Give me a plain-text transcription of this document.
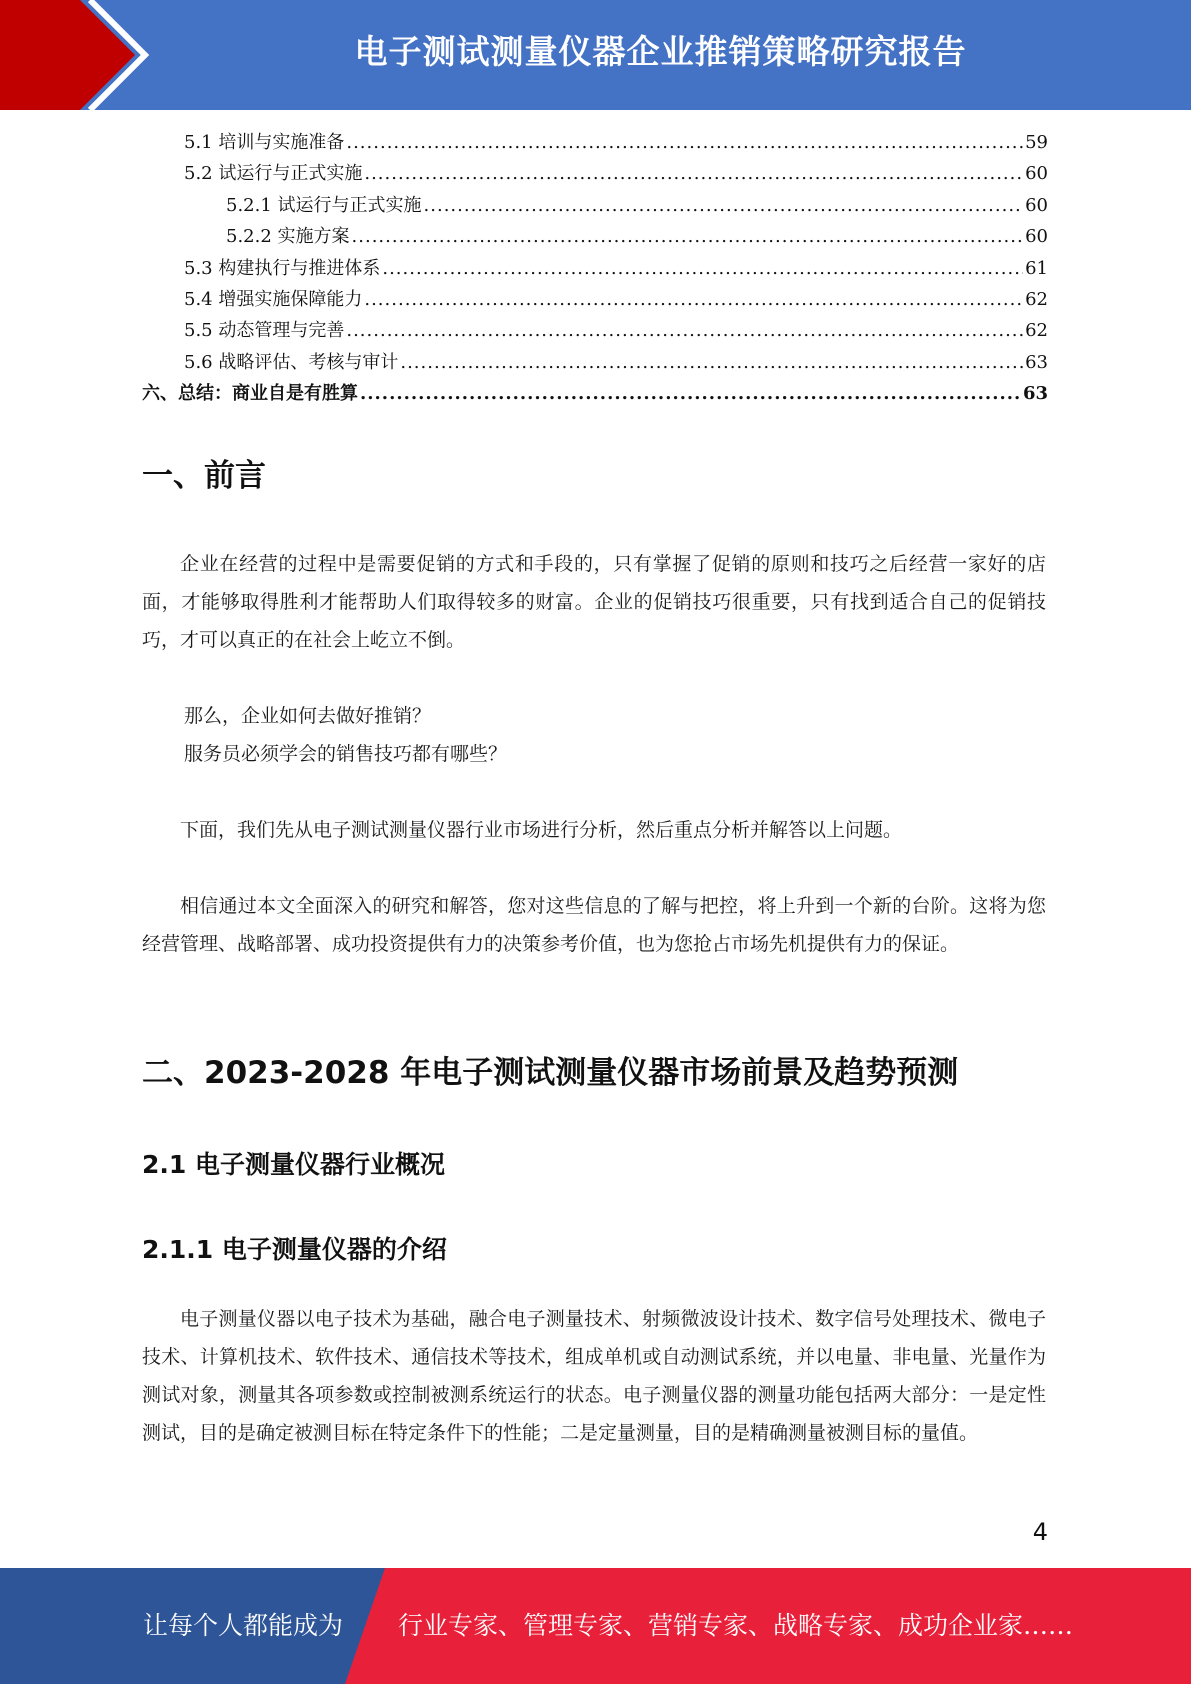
电子测试测量仪器企业推销策略研究报告
5.1 培训与实施准备 .....	59
5.2 试运行与正式实施 .....	60
5.2.1 试运行与正式实施 .....	60
5.2.2 实施方案 .....	60
5.3 构建执行与推进体系 .....	61
5.4 增强实施保障能力 .....	62
5.5 动态管理与完善 .....	62
5.6 战略评估、考核与审计 .....	63
六、总结：商业自是有胜算 .....	63
一、前言
企业在经营的过程中是需要促销的方式和手段的，只有掌握了促销的原则和技巧之后经营一家好的店面，才能够取得胜利才能帮助人们取得较多的财富。企业的促销技巧很重要，只有找到适合自己的促销技巧，才可以真正的在社会上屹立不倒。
那么，企业如何去做好推销？
服务员必须学会的销售技巧都有哪些？
下面，我们先从电子测试测量仪器行业市场进行分析，然后重点分析并解答以上问题。
相信通过本文全面深入的研究和解答，您对这些信息的了解与把控，将上升到一个新的台阶。这将为您经营管理、战略部署、成功投资提供有力的决策参考价值，也为您抢占市场先机提供有力的保证。
二、2023-2028 年电子测试测量仪器市场前景及趋势预测
2.1 电子测量仪器行业概况
2.1.1 电子测量仪器的介绍
电子测量仪器以电子技术为基础，融合电子测量技术、射频微波设计技术、数字信号处理技术、微电子技术、计算机技术、软件技术、通信技术等技术，组成单机或自动测试系统，并以电量、非电量、光量作为测试对象，测量其各项参数或控制被测系统运行的状态。电子测量仪器的测量功能包括两大部分：一是定性测试，目的是确定被测目标在特定条件下的性能；二是定量测量，目的是精确测量被测目标的量值。
4
让每个人都能成为 行业专家、管理专家、营销专家、战略专家、成功企业家……
